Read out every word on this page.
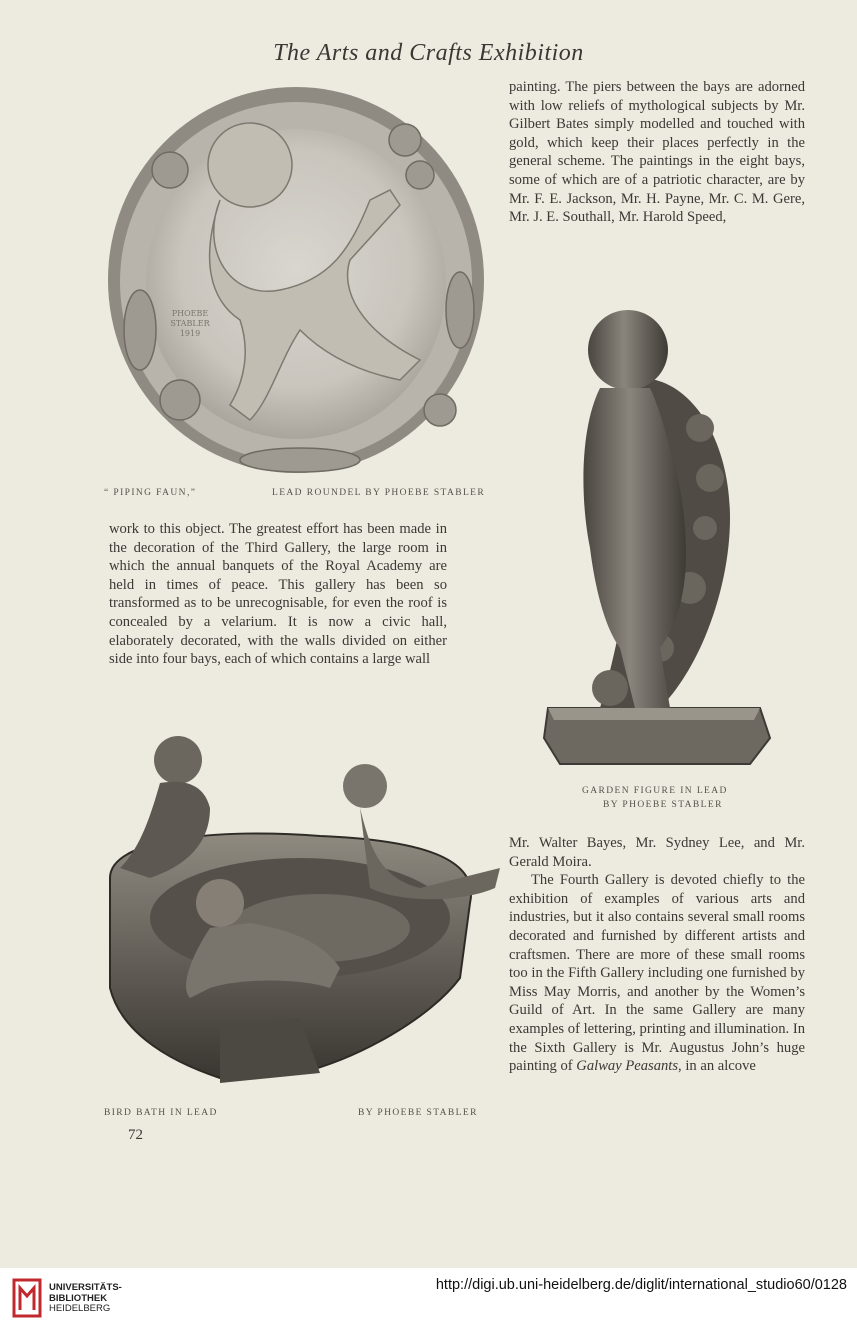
The Arts and Crafts Exhibition
PHOEBE
STABLER
1919
“ PIPING FAUN,”	LEAD ROUNDEL BY PHOEBE STABLER

painting. The piers between the bays are adorned with low reliefs of mythological subjects by Mr. Gilbert Bates simply modelled and touched with gold, which keep their places perfectly in the general scheme. The paintings in the eight bays, some of which are of a patriotic character, are by Mr. F. E. Jackson, Mr. H. Payne, Mr. C. M. Gere, Mr. J. E. Southall, Mr. Harold Speed,

work to this object. The greatest effort has been made in the decoration of the Third Gallery, the large room in which the annual banquets of the Royal Academy are held in times of peace. This gallery has been so transformed as to be unrecognisable, for even the roof is concealed by a velarium. It is now a civic hall, elaborately decorated, with the walls divided on either side into four bays, each of which contains a large wall

GARDEN FIGURE IN LEAD
BY PHOEBE STABLER

Mr. Walter Bayes, Mr. Sydney Lee, and Mr. Gerald Moira.

The Fourth Gallery is devoted chiefly to the exhibition of examples of various arts and industries, but it also contains several small rooms decorated and furnished by different artists and craftsmen. There are more of these small rooms too in the Fifth Gallery including one furnished by Miss May Morris, and another by the Women’s Guild of Art. In the same Gallery are many examples of lettering, printing and illumination. In the Sixth Gallery is Mr. Augustus John’s huge painting of Galway Peasants, in an alcove

BIRD BATH IN LEAD	BY PHOEBE STABLER
72
UNIVERSITÄTS-
BIBLIOTHEK
HEIDELBERG
http://digi.ub.uni-heidelberg.de/diglit/international_studio60/0128
